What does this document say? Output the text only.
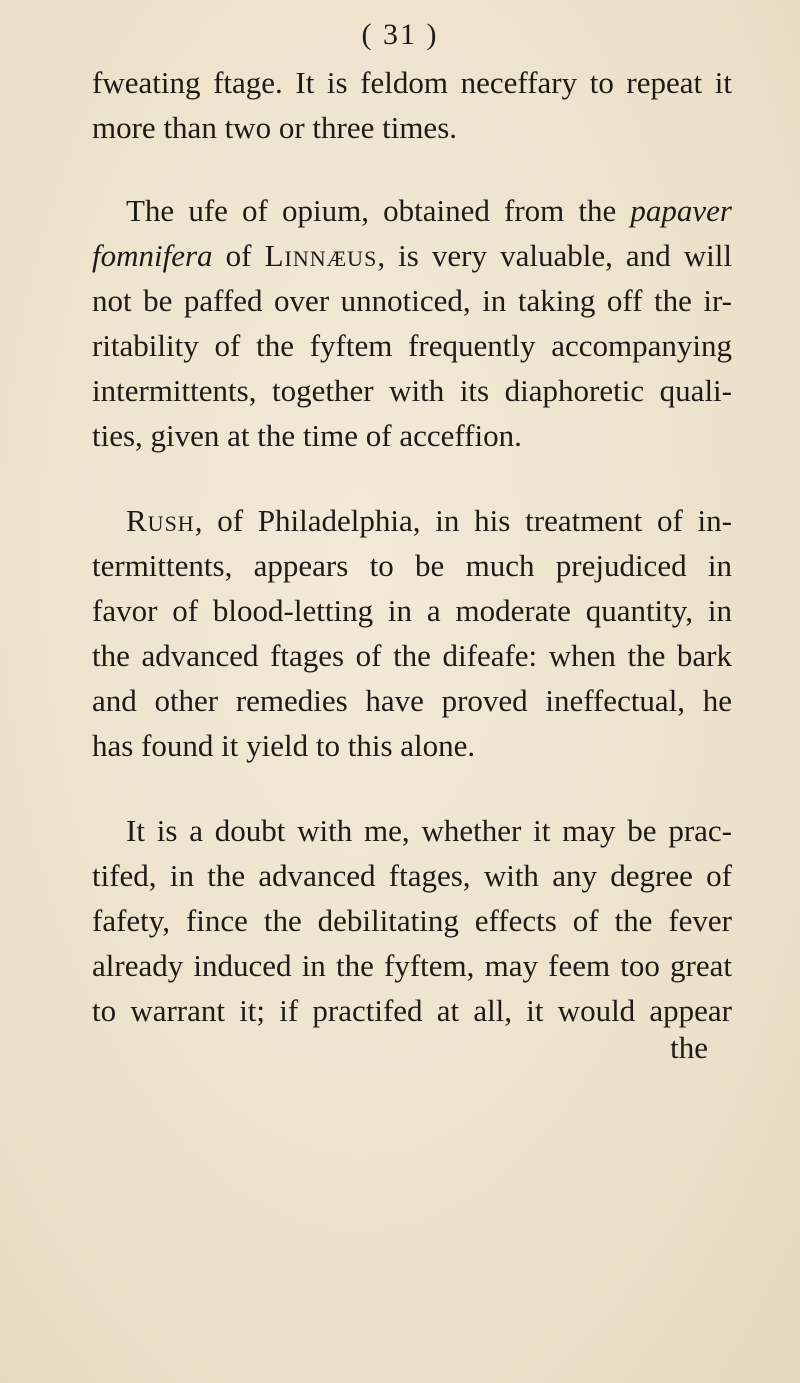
( 31 )
fweating ftage. It is feldom neceffary to repeat it
more than two or three times.
The ufe of opium, obtained from the papaver
fomnifera of Linnæus, is very valuable, and will
not be paffed over unnoticed, in taking off the ir-
ritability of the fyftem frequently accompanying
intermittents, together with its diaphoretic quali-
ties, given at the time of acceffion.
Rush, of Philadelphia, in his treatment of in-
termittents, appears to be much prejudiced in
favor of blood-letting in a moderate quantity, in
the advanced ftages of the difeafe: when the bark
and other remedies have proved ineffectual, he
has found it yield to this alone.
It is a doubt with me, whether it may be prac-
tifed, in the advanced ftages, with any degree of
fafety, fince the debilitating effects of the fever
already induced in the fyftem, may feem too great
to warrant it; if practifed at all, it would appear
the
